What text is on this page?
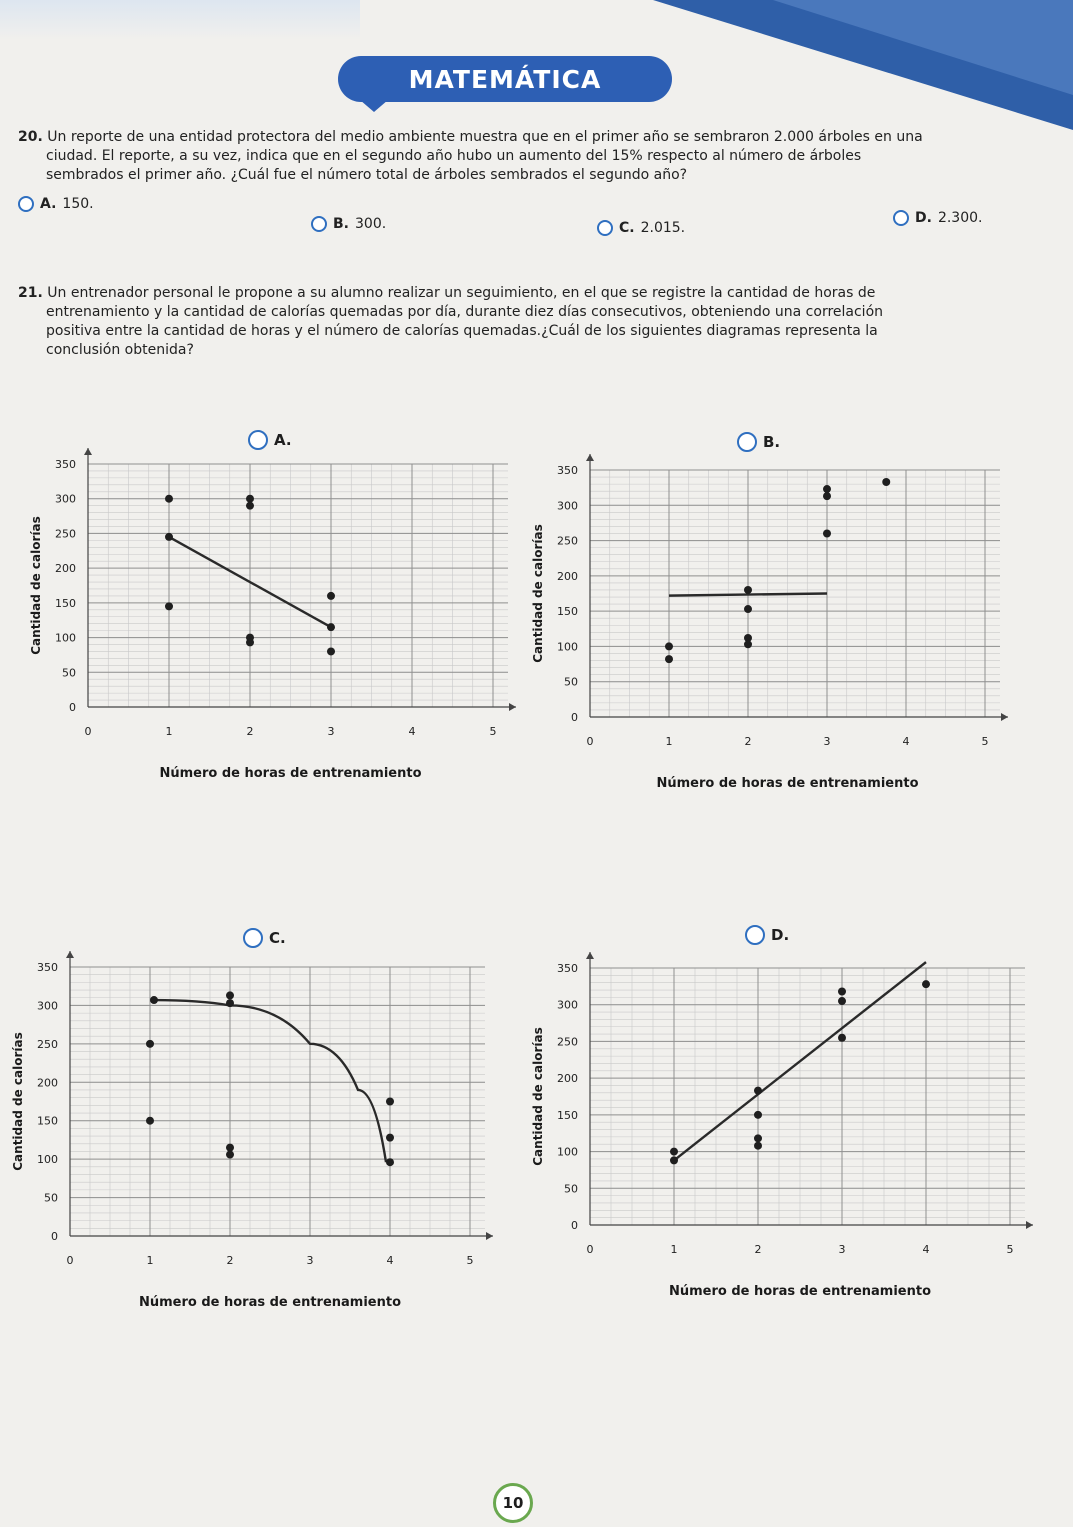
MATEMÁTICA
20. Un reporte de una entidad protectora del medio ambiente muestra que en el primer año se sembraron 2.000 árboles en una
ciudad. El reporte, a su vez, indica que en el segundo año hubo un aumento del 15% respecto al número de árboles
sembrados el primer año. ¿Cuál fue el número total de árboles sembrados el segundo año?
A. 150.
B. 300.	C. 2.015.
D. 2.300.
21. Un entrenador personal le propone a su alumno realizar un seguimiento, en el que se registre la cantidad de horas de
entrenamiento y la cantidad de calorías quemadas por día, durante diez días consecutivos, obteniendo una correlación
positiva entre la cantidad de horas y el número de calorías quemadas.¿Cuál de los siguientes diagramas representa la
conclusión obtenida?
A.	B.
C.	D.
0
50
100
150
200
250
300
350
0	1	2	3	4	5
Número de horas de entrenamiento
Cantidad de calorías
0
50
100
150
200
250
300
350
0	1	2	3	4	5
Número de horas de entrenamiento
Cantidad de calorías
0
50
100
150
200
250
300
350
0	1	2	3	4	5
Número de horas de entrenamiento
Cantidad de calorías
0
50
100
150
200
250
300
350
0	1	2	3	4	5
Número de horas de entrenamiento
Cantidad de calorías
10
